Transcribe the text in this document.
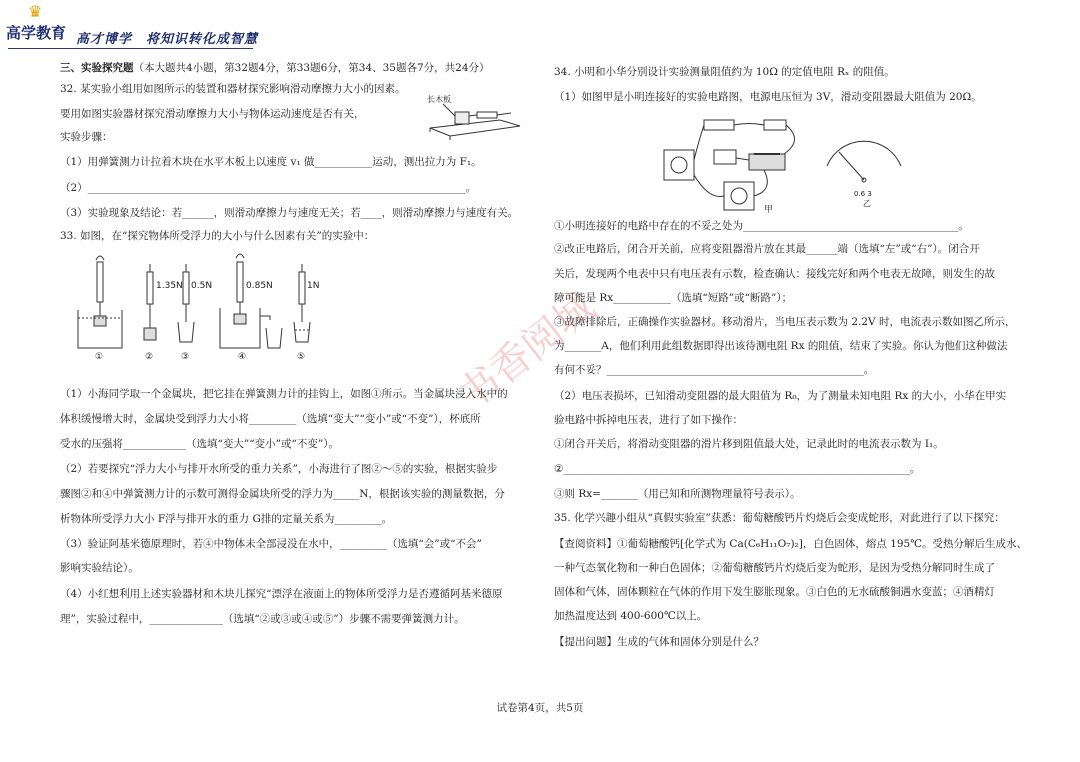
♛
高学教育 高才博学　将知识转化成智慧
书香阅城
三、实验探究题（本大题共4小题，第32题4分，第33题6分，第34、35题各7分，共24分）
32. 某实验小组用如图所示的装置和器材探究影响滑动摩擦力大小的因素。
要用如图实验器材探究滑动摩擦力大小与物体运动速度是否有关，
实验步骤：
（1）用弹簧测力计拉着木块在水平木板上以速度 v₁ 做___________运动，测出拉力为 F₁。
（2）________________________________________________________________________。
（3）实验现象及结论：若______，则滑动摩擦力与速度无关；若____，则滑动摩擦力与速度有关。
长木板
33. 如图，在“探究物体所受浮力的大小与什么因素有关”的实验中：
1.35N 0.5N	0.85N	1N
①	②	③	④	⑤
（1）小海同学取一个金属块，把它挂在弹簧测力计的挂钩上，如图①所示。当金属块浸入水中的
体积缓慢增大时，金属块受到浮力大小将_________（选填“变大”“变小”或“不变”），杯底所
受水的压强将____________（选填“变大”“变小”或“不变”）。
（2）若要探究“浮力大小与排开水所受的重力关系”，小海进行了图②～⑤的实验，根据实验步
骤图②和④中弹簧测力计的示数可测得金属块所受的浮力为_____N，根据该实验的测量数据，分
析物体所受浮力大小 F浮与排开水的重力 G排的定量关系为_________。
（3）验证阿基米德原理时，若④中物体未全部浸没在水中，_________（选填“会”或“不会”
影响实验结论）。
（4）小红想利用上述实验器材和木块儿探究“漂浮在液面上的物体所受浮力是否遵循阿基米德原
理”，实验过程中，______________（选填“②或③或④或⑤”）步骤不需要弹簧测力计。
34. 小明和小华分别设计实验测量阻值约为 10Ω 的定值电阻 Rₓ 的阻值。
（1）如图甲是小明连接好的实验电路图，电源电压恒为 3V，滑动变阻器最大阻值为 20Ω。
甲
0.6 3
乙
①小明连接好的电路中存在的不妥之处为_________________________________________。
②改正电路后，闭合开关前，应将变阻器滑片放在其最______端（选填“左”或“右”）。闭合开
关后，发现两个电表中只有电压表有示数，检查确认：接线完好和两个电表无故障，则发生的故
障可能是 Rx___________（选填“短路”或“断路”）；
③故障排除后，正确操作实验器材。移动滑片，当电压表示数为 2.2V 时，电流表示数如图乙所示，
为_______A，他们利用此组数据即得出该待测电阻 Rx 的阻值，结束了实验。你认为他们这种做法
有何不妥？_________________________________________________。
（2）电压表损坏，已知滑动变阻器的最大阻值为 R₀，为了测量未知电阻 Rx 的大小，小华在甲实
验电路中拆掉电压表，进行了如下操作：
①闭合开关后，将滑动变阻器的滑片移到阻值最大处，记录此时的电流表示数为 I₁。
②__________________________________________________________________。
③则 Rx=_______（用已知和所测物理量符号表示）。
35. 化学兴趣小组从“真假实验室”获悉：葡萄糖酸钙片灼烧后会变成蛇形，对此进行了以下探究：
【查阅资料】①葡萄糖酸钙[化学式为 Ca(C₆H₁₁O₇)₂]，白色固体，熔点 195℃。受热分解后生成水、
一种气态氧化物和一种白色固体；②葡萄糖酸钙片灼烧后变为蛇形，是因为受热分解同时生成了
固体和气体，固体颗粒在气体的作用下发生膨胀现象。③白色的无水硫酸铜遇水变蓝；④酒精灯
加热温度达到 400-600℃以上。
【提出问题】生成的气体和固体分别是什么？
试卷第4页，共5页
